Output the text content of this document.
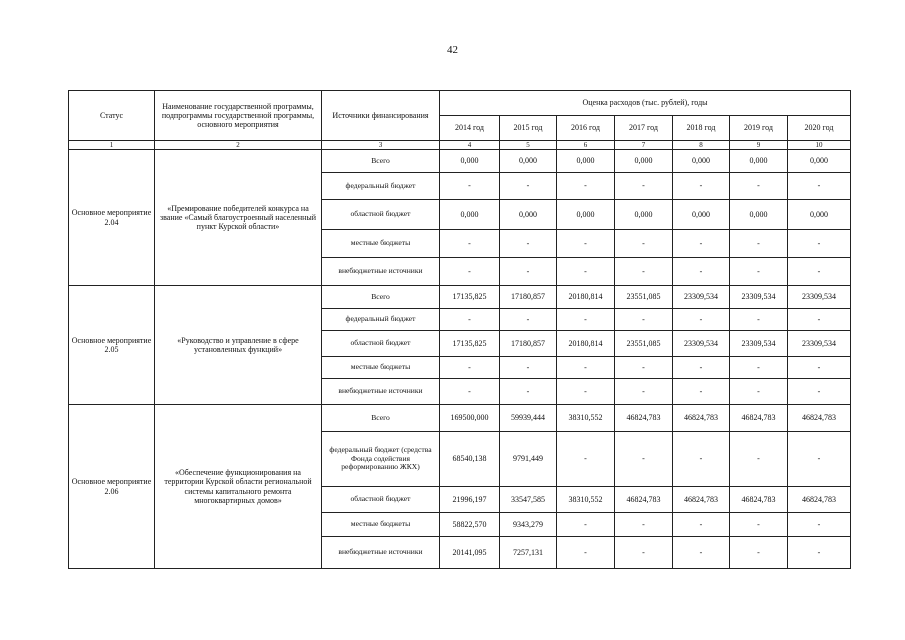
42
Статус	Наименование государственной программы, подпрограммы государственной программы, основного мероприятия	Источники финансирования	Оценка расходов (тыс. рублей), годы						
			2014 год	2015 год	2016 год	2017 год	2018 год	2019 год	2020 год
1	2	3	4	5	6	7	8	9	10
Основное мероприятие 2.04	«Премирование победителей конкурса на звание «Самый благоустроенный населенный пункт Курской области»	Всего	0,000	0,000	0,000	0,000	0,000	0,000	0,000
		федеральный бюджет	-	-	-	-	-	-	-
		областной бюджет	0,000	0,000	0,000	0,000	0,000	0,000	0,000
		местные бюджеты	-	-	-	-	-	-	-
		внебюджетные источники	-	-	-	-	-	-	-
Основное мероприятие 2.05	«Руководство и управление в сфере установленных функций»	Всего	17135,825	17180,857	20180,814	23551,085	23309,534	23309,534	23309,534
		федеральный бюджет	-	-	-	-	-	-	-
		областной бюджет	17135,825	17180,857	20180,814	23551,085	23309,534	23309,534	23309,534
		местные бюджеты	-	-	-	-	-	-	-
		внебюджетные источники	-	-	-	-	-	-	-
Основное мероприятие 2.06	«Обеспечение функционирования на территории Курской области региональной системы капитального ремонта многоквартирных домов»	Всего	169500,000	59939,444	38310,552	46824,783	46824,783	46824,783	46824,783
		федеральный бюджет (средства Фонда содействия реформированию ЖКХ)	68540,138	9791,449	-	-	-	-	-
		областной бюджет	21996,197	33547,585	38310,552	46824,783	46824,783	46824,783	46824,783
		местные бюджеты	58822,570	9343,279	-	-	-	-	-
		внебюджетные источники	20141,095	7257,131	-	-	-	-	-
